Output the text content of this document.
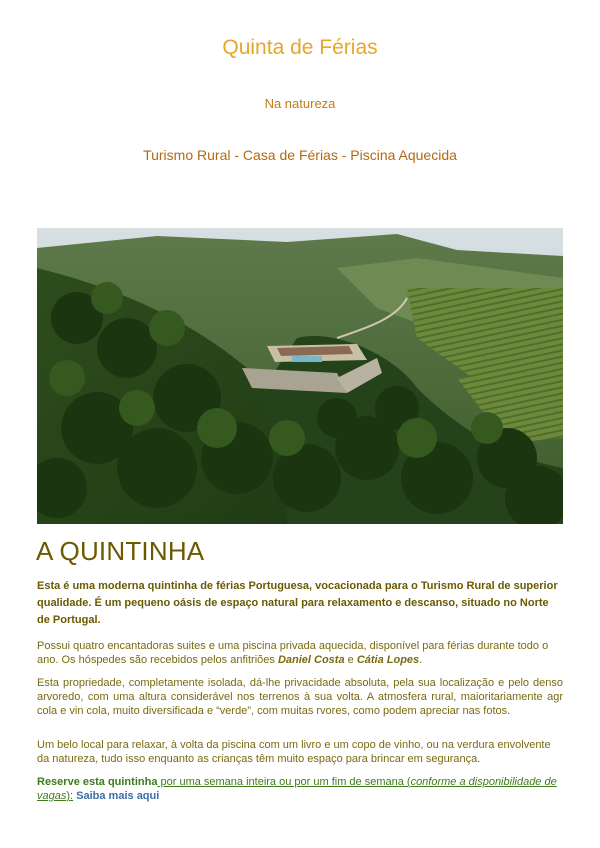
Quinta de Férias
Na natureza
Turismo Rural - Casa de Férias - Piscina Aquecida
A QUINTINHA
Esta é uma moderna quintinha de férias Portuguesa, vocacionada para o Turismo Rural de superior qualidade. É um pequeno oásis de espaço natural para relaxamento e descanso, situado no Norte de Portugal.
Possui quatro encantadoras suites e uma piscina privada aquecida, disponível para férias durante todo o ano. Os hóspedes são recebidos pelos anfitriões Daniel Costa e Cátia Lopes.
Esta propriedade, completamente isolada, dá-lhe privacidade absoluta, pela sua localização e pelo denso arvoredo, com uma altura considerável nos terrenos à sua volta. A atmosfera rural, maioritariamente agr cola e vin cola, muito diversificada e “verde”, com muitas rvores, como podem apreciar nas fotos.
Um belo local para relaxar, à volta da piscina com um livro e um copo de vinho, ou na verdura envolvente da natureza, tudo isso enquanto as crianças têm muito espaço para brincar em segurança.
Reserve esta quintinha por uma semana inteira ou por um fim de semana (conforme a disponibilidade de vagas): Saiba mais aqui
